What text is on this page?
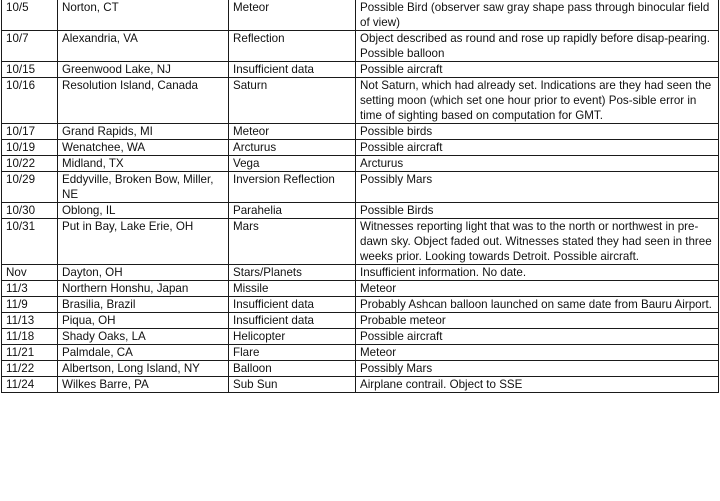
10/5	Norton, CT	Meteor	Possible Bird (observer saw gray shape pass through binocular field of view)
10/7	Alexandria, VA	Reflection	Object described as round and rose up rapidly before disap-pearing. Possible balloon
10/15	Greenwood Lake, NJ	Insufficient data	Possible aircraft
10/16	Resolution Island, Canada	Saturn	Not Saturn, which had already set. Indications are they had seen the setting moon (which set one hour prior to event) Pos-sible error in time of sighting based on computation for GMT.
10/17	Grand Rapids, MI	Meteor	Possible birds
10/19	Wenatchee, WA	Arcturus	Possible aircraft
10/22	Midland, TX	Vega	Arcturus
10/29	Eddyville, Broken Bow, Miller, NE	Inversion Reflection	Possibly Mars
10/30	Oblong, IL	Parahelia	Possible Birds
10/31	Put in Bay, Lake Erie, OH	Mars	Witnesses reporting light that was to the north or northwest in pre-dawn sky. Object faded out. Witnesses stated they had seen in three weeks prior. Looking towards Detroit. Possible aircraft.
Nov	Dayton, OH	Stars/Planets	Insufficient information. No date.
11/3	Northern Honshu, Japan	Missile	Meteor
11/9	Brasilia, Brazil	Insufficient data	Probably Ashcan balloon launched on same date from Bauru Airport.
11/13	Piqua, OH	Insufficient data	Probable meteor
11/18	Shady Oaks, LA	Helicopter	Possible aircraft
11/21	Palmdale, CA	Flare	Meteor
11/22	Albertson, Long Island, NY	Balloon	Possibly Mars
11/24	Wilkes Barre, PA	Sub Sun	Airplane contrail. Object to SSE
